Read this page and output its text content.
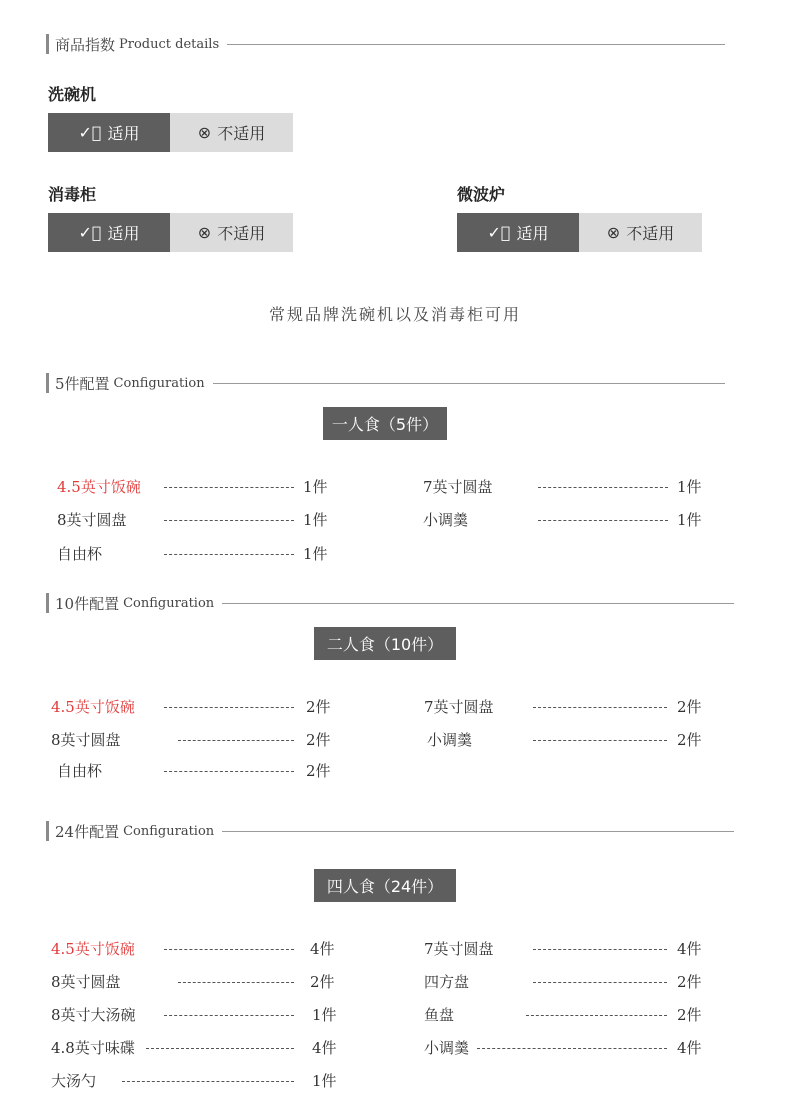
商品指数 Product details
洗碗机
✓⃝ 适用	⊗ 不适用
消毒柜
✓⃝ 适用	⊗ 不适用
微波炉
✓⃝ 适用	⊗ 不适用
常规品牌洗碗机以及消毒柜可用
5件配置 Configuration
一人食（5件）
4.5英寸饭碗	1件	7英寸圆盘	1件
8英寸圆盘	1件	小调羹	1件
自由杯	1件
10件配置 Configuration
二人食（10件）
4.5英寸饭碗	2件	7英寸圆盘	2件
8英寸圆盘	2件	小调羹	2件
自由杯	2件
24件配置 Configuration
四人食（24件）
4.5英寸饭碗	4件	7英寸圆盘	4件
8英寸圆盘	2件	四方盘	2件
8英寸大汤碗	1件	鱼盘	2件
4.8英寸味碟	4件	小调羹	4件
大汤勺	1件
